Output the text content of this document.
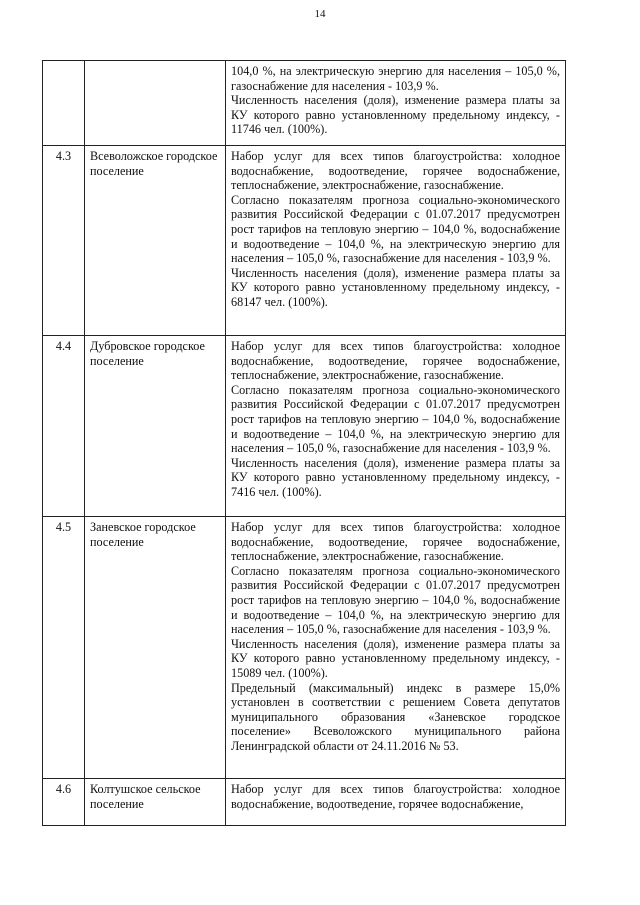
14

		104,0 %, на электрическую энергию для населения – 105,0 %, газоснабжение для населения - 103,9 %.

Численность населения (доля), изменение размера платы за КУ которого равно установленному предельному индексу, - 11746 чел. (100%).

4.3	Всеволожское городское поселение	Набор услуг для всех типов благоустройства: холодное водоснабжение, водоотведение, горячее водоснабжение, теплоснабжение, электроснабжение, газоснабжение.

Согласно показателям прогноза социально-экономического развития Российской Федерации с 01.07.2017 предусмотрен рост тарифов на тепловую энергию – 104,0 %, водоснабжение и водоотведение – 104,0 %, на электрическую энергию для населения – 105,0 %, газоснабжение для населения - 103,9 %.

Численность населения (доля), изменение размера платы за КУ которого равно установленному предельному индексу, - 68147 чел. (100%).

4.4	Дубровское городское поселение	Набор услуг для всех типов благоустройства: холодное водоснабжение, водоотведение, горячее водоснабжение, теплоснабжение, электроснабжение, газоснабжение.

Согласно показателям прогноза социально-экономического развития Российской Федерации с 01.07.2017 предусмотрен рост тарифов на тепловую энергию – 104,0 %, водоснабжение и водоотведение – 104,0 %, на электрическую энергию для населения – 105,0 %, газоснабжение для населения - 103,9 %.

Численность населения (доля), изменение размера платы за КУ которого равно установленному предельному индексу, - 7416 чел. (100%).

4.5	Заневское городское поселение	Набор услуг для всех типов благоустройства: холодное водоснабжение, водоотведение, горячее водоснабжение, теплоснабжение, электроснабжение, газоснабжение.

Согласно показателям прогноза социально-экономического развития Российской Федерации с 01.07.2017 предусмотрен рост тарифов на тепловую энергию – 104,0 %, водоснабжение и водоотведение – 104,0 %, на электрическую энергию для населения – 105,0 %, газоснабжение для населения - 103,9 %.

Численность населения (доля), изменение размера платы за КУ которого равно установленному предельному индексу, - 15089 чел. (100%).

Предельный (максимальный) индекс в размере 15,0% установлен в соответствии с решением Совета депутатов муниципального образования «Заневское городское поселение» Всеволожского муниципального района Ленинградской области от 24.11.2016 № 53.

4.6	Колтушское сельское поселение	Набор услуг для всех типов благоустройства: холодное водоснабжение, водоотведение, горячее водоснабжение,
